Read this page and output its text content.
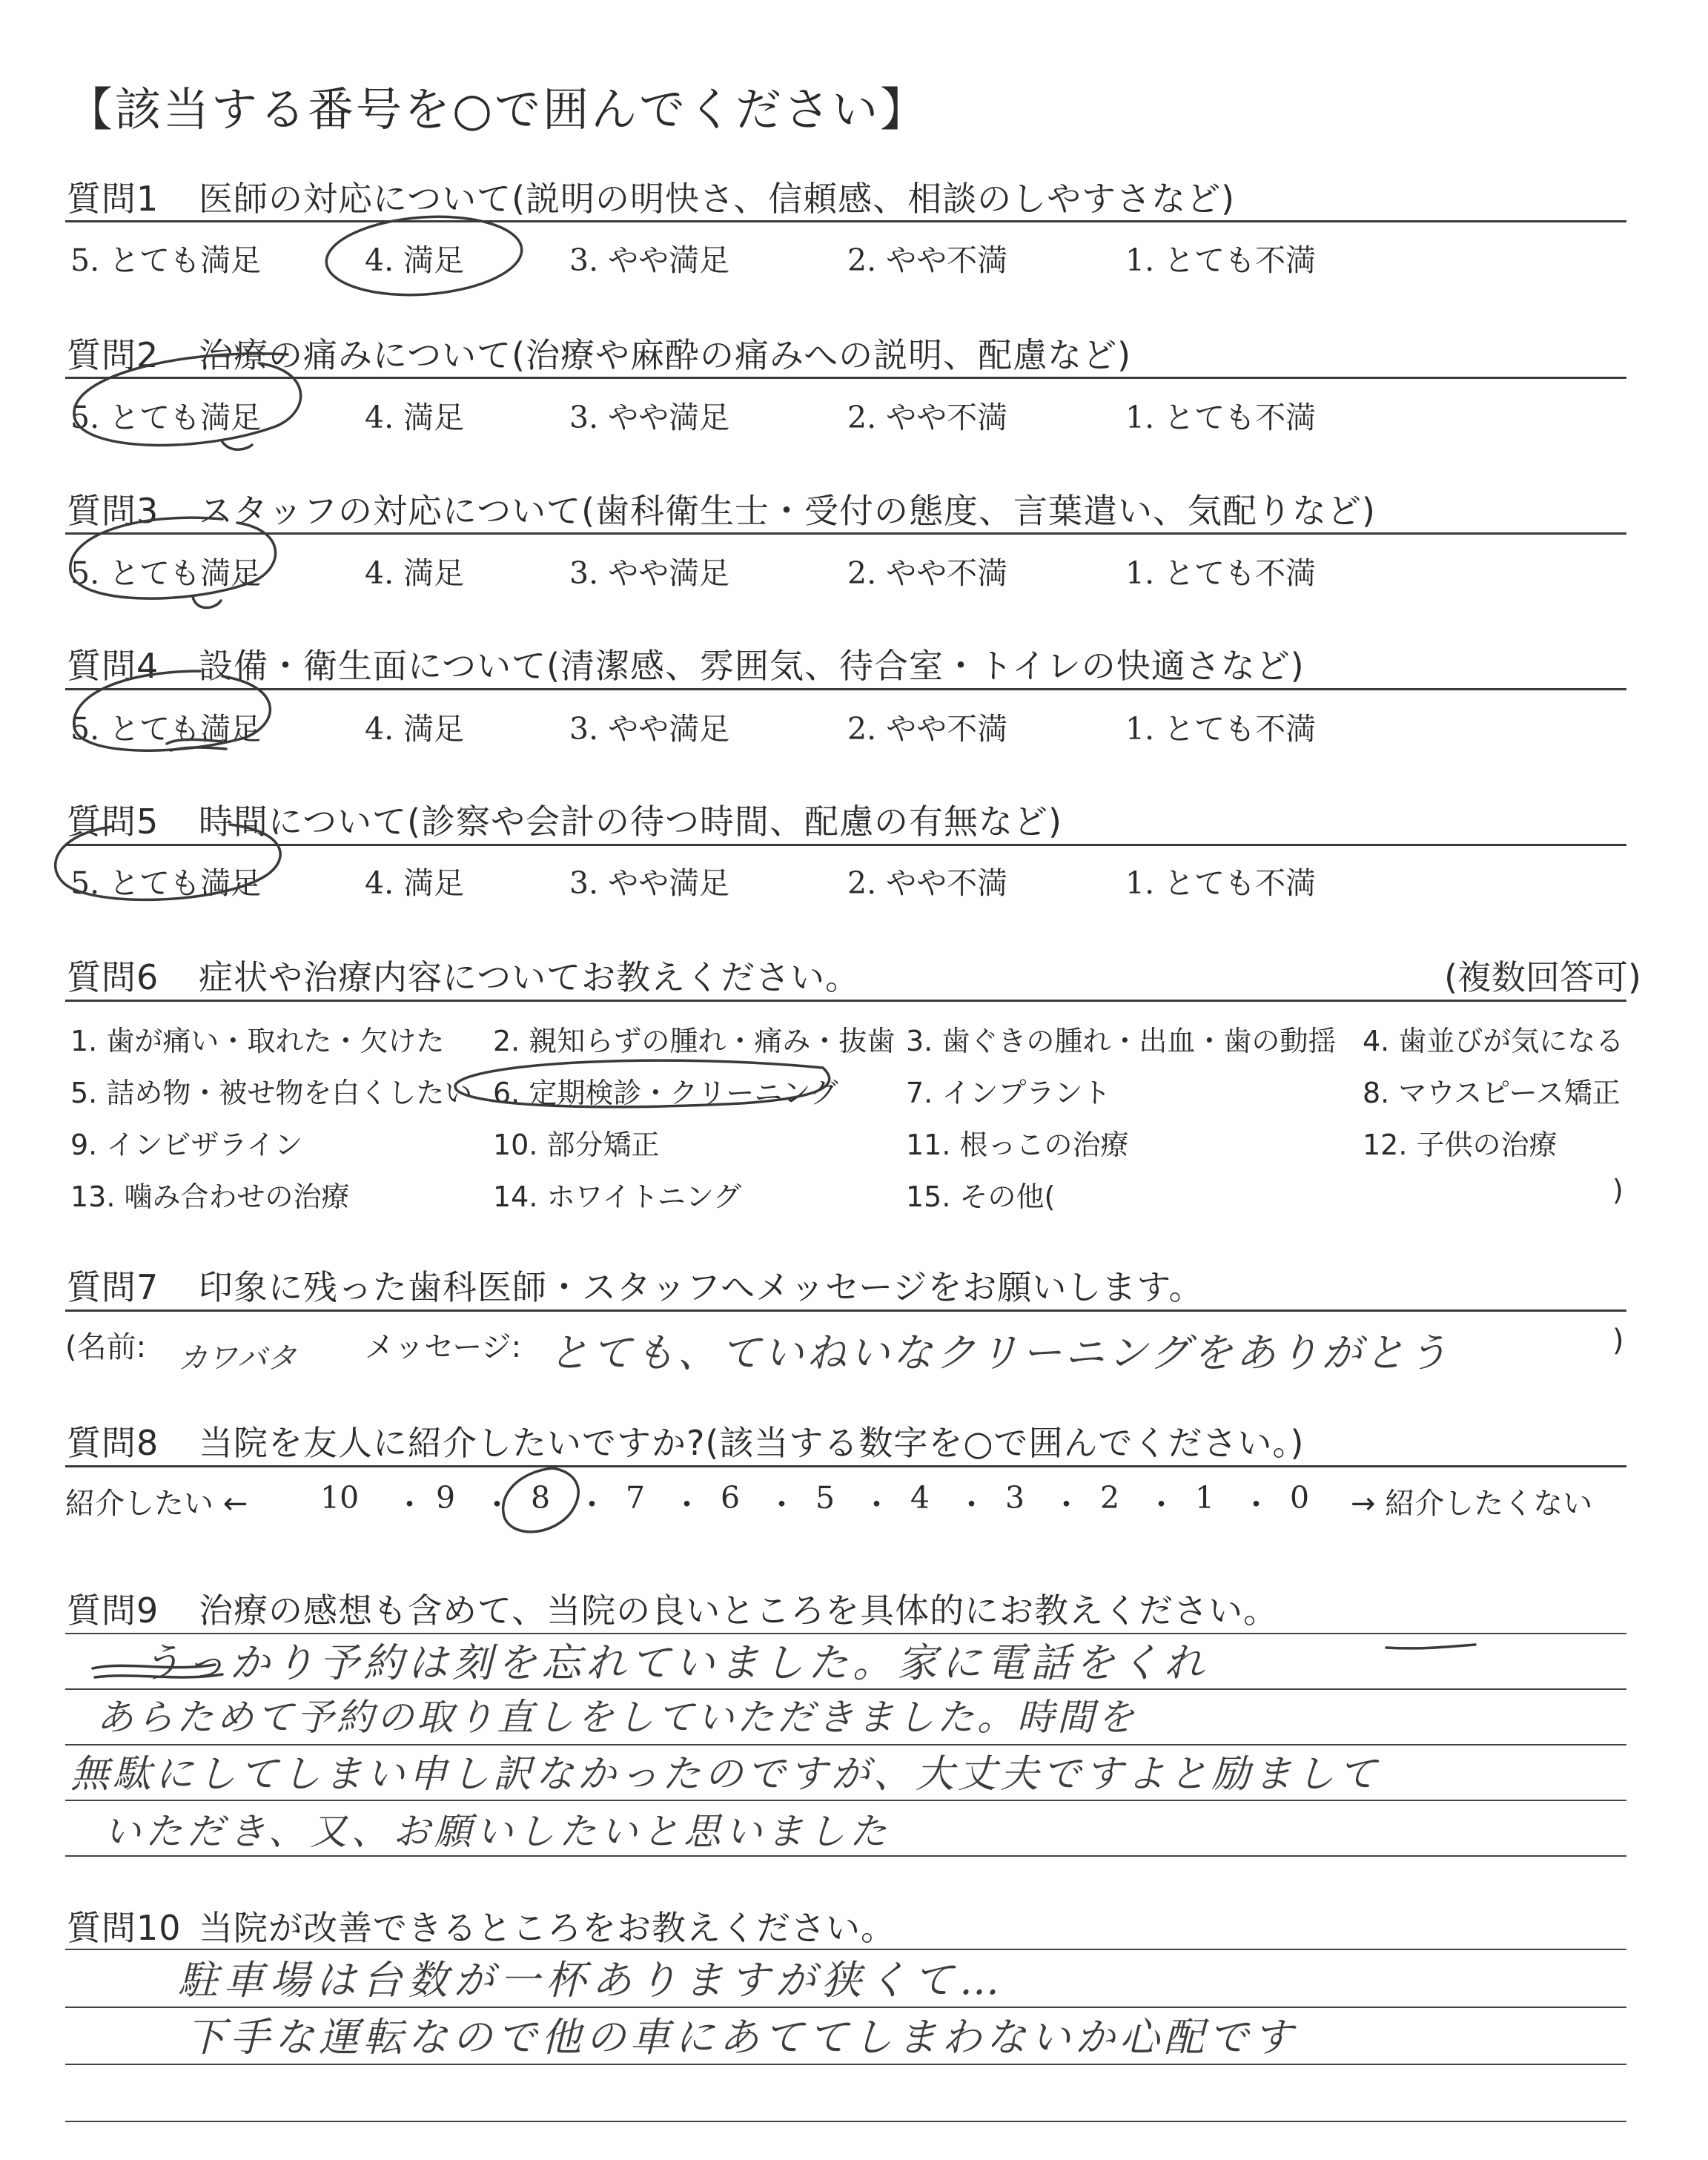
【該当する番号を○で囲んでください】
質問1 医師の対応について(説明の明快さ、信頼感、相談のしやすさなど)
5. とても満足	4. 満足	3. やや満足	2. やや不満	1. とても不満
質問2 治療の痛みについて(治療や麻酔の痛みへの説明、配慮など)
5. とても満足	4. 満足	3. やや満足	2. やや不満	1. とても不満
質問3 スタッフの対応について(歯科衛生士・受付の態度、言葉遣い、気配りなど)
5. とても満足	4. 満足	3. やや満足	2. やや不満	1. とても不満
質問4 設備・衛生面について(清潔感、雰囲気、待合室・トイレの快適さなど)
5. とても満足	4. 満足	3. やや満足	2. やや不満	1. とても不満
質問5 時間について(診察や会計の待つ時間、配慮の有無など)
5. とても満足	4. 満足	3. やや満足	2. やや不満	1. とても不満
質問6 症状や治療内容についてお教えください。	(複数回答可)
1. 歯が痛い・取れた・欠けた 2. 親知らずの腫れ・痛み・抜歯 3. 歯ぐきの腫れ・出血・歯の動揺 4. 歯並びが気になる
5. 詰め物・被せ物を白くしたい 6. 定期検診・クリーニング 7. インプラント	8. マウスピース矯正
9. インビザライン	10. 部分矯正	11. 根っこの治療	12. 子供の治療
13. 噛み合わせの治療	14. ホワイトニング	15. その他(	)
質問7 印象に残った歯科医師・スタッフへメッセージをお願いします。
(名前: カワバタ メッセージ: とても、ていねいなクリーニングをありがとう	)
質問8 当院を友人に紹介したいですか?(該当する数字を○で囲んでください。)
紹介したい ← 10 ・ 9 ・ 8 ・ 7 ・ 6 ・ 5 ・ 4 ・ 3 ・ 2 ・ 1 ・ 0 → 紹介したくない
質問9 治療の感想も含めて、当院の良いところを具体的にお教えください。
うっかり予約は刻を忘れていました。家に電話をくれ
あらためて予約の取り直しをしていただきました。時間を
無駄にしてしまい申し訳なかったのですが、大丈夫ですよと励まして
いただき、又、お願いしたいと思いました
質問10 当院が改善できるところをお教えください。
駐車場は台数が一杯ありますが狭くて…
下手な運転なので他の車にあててしまわないか心配です
